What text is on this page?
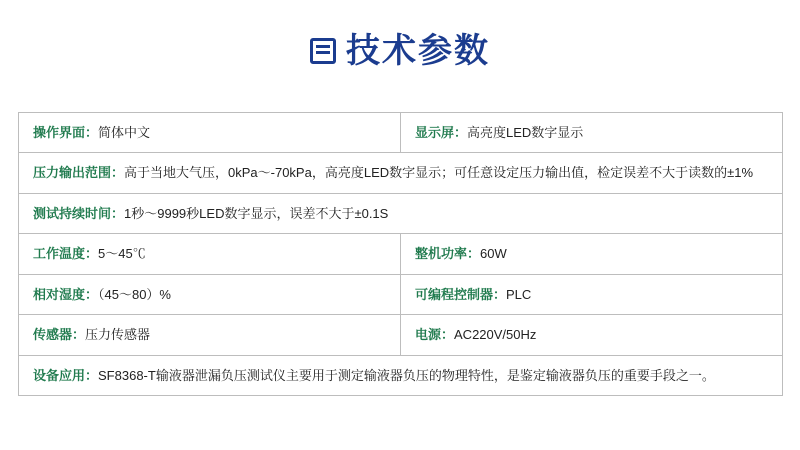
技术参数
操作界面：简体中文	显示屏：高亮度LED数字显示
压力输出范围：高于当地大气压，0kPa～-70kPa，高亮度LED数字显示；可任意设定压力输出值，检定误差不大于读数的±1%	
测试持续时间：1秒～9999秒LED数字显示，误差不大于±0.1S	
工作温度：5～45℃	整机功率：60W
相对湿度：（45～80）%	可编程控制器：PLC
传感器：压力传感器	电源：AC220V/50Hz
设备应用：SF8368-T输液器泄漏负压测试仪主要用于测定输液器负压的物理特性，是鉴定输液器负压的重要手段之一。	
